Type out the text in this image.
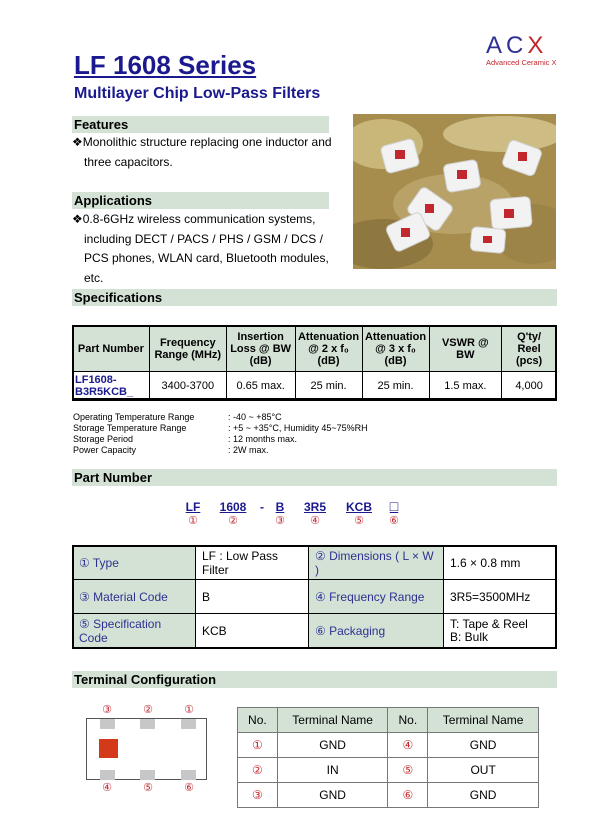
ACX
Advanced Ceramic X
LF 1608 Series
Multilayer Chip Low-Pass Filters
Features
❖Monolithic structure replacing one inductor and
three capacitors.
Applications
❖0.8-6GHz wireless communication systems,
including DECT / PACS / PHS / GSM / DCS /
PCS phones, WLAN card, Bluetooth modules,
etc.
Specifications
Part Number	Frequency Range (MHz)	Insertion Loss @ BW (dB)	Attenuation @ 2 x f₀ (dB)	Attenuation @ 3 x f₀ (dB)	VSWR @ BW	Q'ty/ Reel (pcs)
LF1608-B3R5KCB_	3400-3700	0.65 max.	25 min.	25 min.	1.5 max.	4,000
Operating Temperature Range	: -40 ~ +85°C
Storage Temperature Range	: +5 ~ +35°C, Humidity 45~75%RH
Storage Period	: 12 months max.
Power Capacity	: 2W max.
Part Number
LF	1608	- B	3R5	KCB	□
①	②	③	④	⑤	⑥
① Type	LF : Low Pass Filter	② Dimensions ( L × W )	1.6 × 0.8 mm
③ Material Code	B	④ Frequency Range	3R5=3500MHz
⑤ Specification Code	KCB	⑥ Packaging	T: Tape & Reel
B: Bulk
Terminal Configuration
③	②	①
④	⑤	⑥
No.	Terminal Name	No.	Terminal Name
①	GND	④	GND
②	IN	⑤	OUT
③	GND	⑥	GND
